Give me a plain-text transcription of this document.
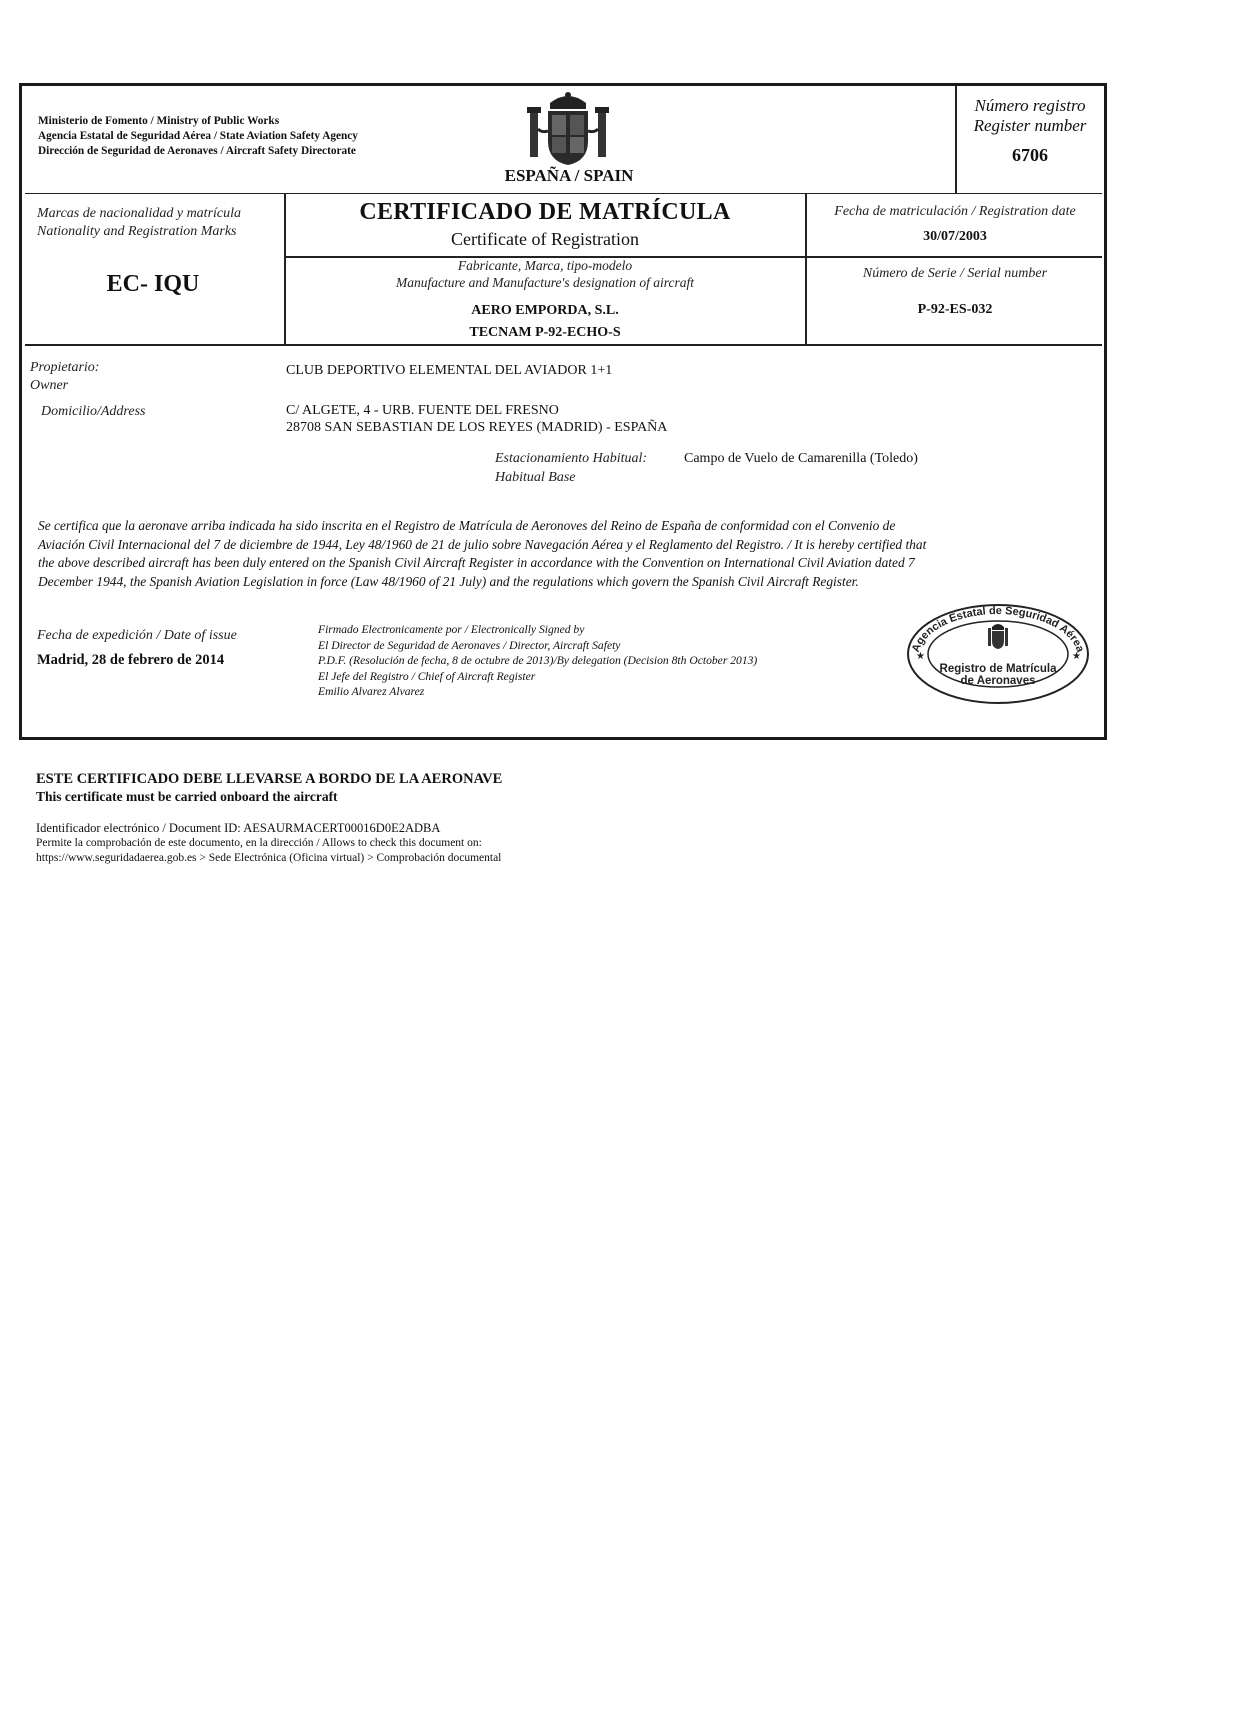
Ministerio de Fomento / Ministry of Public Works
Agencia Estatal de Seguridad Aérea / State Aviation Safety Agency
Dirección de Seguridad de Aeronaves / Aircraft Safety Directorate
ESPAÑA / SPAIN
Número registro
Register number
6706
Marcas de nacionalidad y matrícula
Nationality and Registration Marks
EC- IQU
CERTIFICADO DE MATRÍCULA
Certificate of Registration
Fabricante, Marca, tipo-modelo
Manufacture and Manufacture's designation of aircraft
AERO EMPORDA, S.L.
TECNAM P-92-ECHO-S
Fecha de matriculación / Registration date
30/07/2003
Número de Serie / Serial number
P-92-ES-032
Propietario:
Owner
CLUB DEPORTIVO ELEMENTAL DEL AVIADOR 1+1
Domicilio/Address	C/ ALGETE, 4 - URB. FUENTE DEL FRESNO
28708 SAN SEBASTIAN DE LOS REYES (MADRID) - ESPAÑA
Estacionamiento Habitual:
Habitual Base
Campo de Vuelo de Camarenilla (Toledo)
Se certifica que la aeronave arriba indicada ha sido inscrita en el Registro de Matrícula de Aeronoves del Reino de España de conformidad con el Convenio de
Aviación Civil Internacional del 7 de diciembre de 1944, Ley 48/1960 de 21 de julio sobre Navegación Aérea y el Reglamento del Registro. / It is hereby certified that
the above described aircraft has been duly entered on the Spanish Civil Aircraft Register in accordance with the Convention on International Civil Aviation dated 7
December 1944, the Spanish Aviation Legislation in force (Law 48/1960 of 21 July) and the regulations which govern the Spanish Civil Aircraft Register.
Fecha de expedición / Date of issue
Madrid, 28 de febrero de 2014
Firmado Electronicamente por / Electronically Signed by
El Director de Seguridad de Aeronaves / Director, Aircraft Safety
P.D.F. (Resolución de fecha, 8 de octubre de 2013)/By delegation (Decision 8th October 2013)
El Jefe del Registro / Chief of Aircraft Register
Emilio Alvarez Alvarez
Agencia Estatal de Seguridad Aérea
★	★
Registro de Matrícula
de Aeronaves
ESTE CERTIFICADO DEBE LLEVARSE A BORDO DE LA AERONAVE
This certificate must be carried onboard the aircraft
Identificador electrónico / Document ID: AESAURMACERT00016D0E2ADBA
Permite la comprobación de este documento, en la dirección / Allows to check this document on:
https://www.seguridadaerea.gob.es > Sede Electrónica (Oficina virtual) > Comprobación documental
